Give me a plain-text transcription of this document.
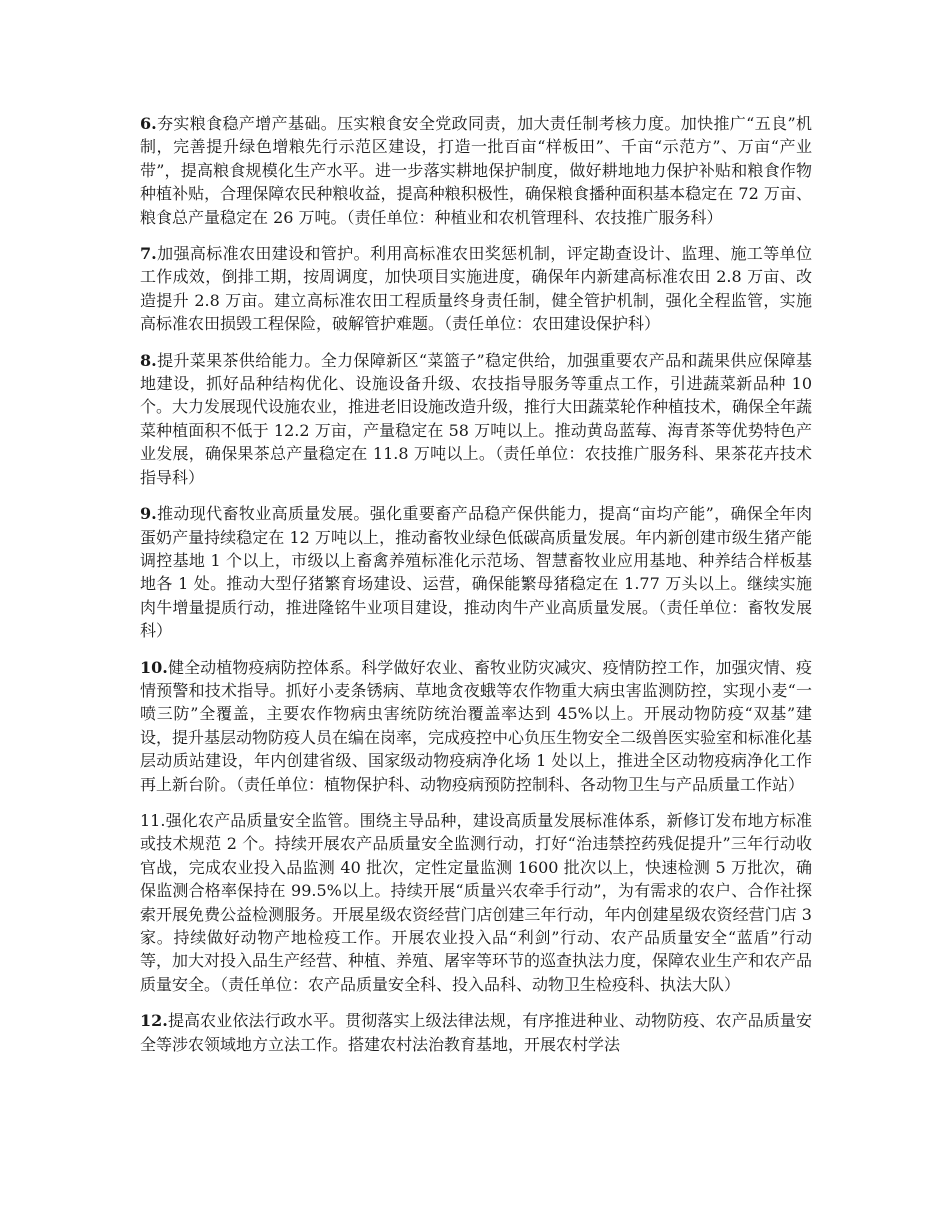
6.夯实粮食稳产增产基础。压实粮食安全党政同责，加大责任制考核力度。加快推广“五良”机制，完善提升绿色增粮先行示范区建设，打造一批百亩“样板田”、千亩“示范方”、万亩“产业带”，提高粮食规模化生产水平。进一步落实耕地保护制度，做好耕地地力保护补贴和粮食作物种植补贴，合理保障农民种粮收益，提高种粮积极性，确保粮食播种面积基本稳定在 72 万亩、粮食总产量稳定在 26 万吨。（责任单位：种植业和农机管理科、农技推广服务科）

7.加强高标准农田建设和管护。利用高标准农田奖惩机制，评定勘查设计、监理、施工等单位工作成效，倒排工期，按周调度，加快项目实施进度，确保年内新建高标准农田 2.8 万亩、改造提升 2.8 万亩。建立高标准农田工程质量终身责任制，健全管护机制，强化全程监管，实施高标准农田损毁工程保险，破解管护难题。（责任单位：农田建设保护科）

8.提升菜果茶供给能力。全力保障新区“菜篮子”稳定供给，加强重要农产品和蔬果供应保障基地建设，抓好品种结构优化、设施设备升级、农技指导服务等重点工作，引进蔬菜新品种 10 个。大力发展现代设施农业，推进老旧设施改造升级，推行大田蔬菜轮作种植技术，确保全年蔬菜种植面积不低于 12.2 万亩，产量稳定在 58 万吨以上。推动黄岛蓝莓、海青茶等优势特色产业发展，确保果茶总产量稳定在 11.8 万吨以上。（责任单位：农技推广服务科、果茶花卉技术指导科）

9.推动现代畜牧业高质量发展。强化重要畜产品稳产保供能力，提高“亩均产能”，确保全年肉蛋奶产量持续稳定在 12 万吨以上，推动畜牧业绿色低碳高质量发展。年内新创建市级生猪产能调控基地 1 个以上，市级以上畜禽养殖标准化示范场、智慧畜牧业应用基地、种养结合样板基地各 1 处。推动大型仔猪繁育场建设、运营，确保能繁母猪稳定在 1.77 万头以上。继续实施肉牛增量提质行动，推进隆铭牛业项目建设，推动肉牛产业高质量发展。（责任单位：畜牧发展科）

10.健全动植物疫病防控体系。科学做好农业、畜牧业防灾减灾、疫情防控工作，加强灾情、疫情预警和技术指导。抓好小麦条锈病、草地贪夜蛾等农作物重大病虫害监测防控，实现小麦“一喷三防”全覆盖，主要农作物病虫害统防统治覆盖率达到 45%以上。开展动物防疫“双基”建设，提升基层动物防疫人员在编在岗率，完成疫控中心负压生物安全二级兽医实验室和标准化基层动质站建设，年内创建省级、国家级动物疫病净化场 1 处以上，推进全区动物疫病净化工作再上新台阶。（责任单位：植物保护科、动物疫病预防控制科、各动物卫生与产品质量工作站）

11.强化农产品质量安全监管。围绕主导品种，建设高质量发展标准体系，新修订发布地方标准或技术规范 2 个。持续开展农产品质量安全监测行动，打好“治违禁控药残促提升”三年行动收官战，完成农业投入品监测 40 批次，定性定量监测 1600 批次以上，快速检测 5 万批次，确保监测合格率保持在 99.5%以上。持续开展“质量兴农牵手行动”，为有需求的农户、合作社探索开展免费公益检测服务。开展星级农资经营门店创建三年行动，年内创建星级农资经营门店 3 家。持续做好动物产地检疫工作。开展农业投入品“利剑”行动、农产品质量安全“蓝盾”行动等，加大对投入品生产经营、种植、养殖、屠宰等环节的巡查执法力度，保障农业生产和农产品质量安全。（责任单位：农产品质量安全科、投入品科、动物卫生检疫科、执法大队）

12.提高农业依法行政水平。贯彻落实上级法律法规，有序推进种业、动物防疫、农产品质量安全等涉农领域地方立法工作。搭建农村法治教育基地，开展农村学法
